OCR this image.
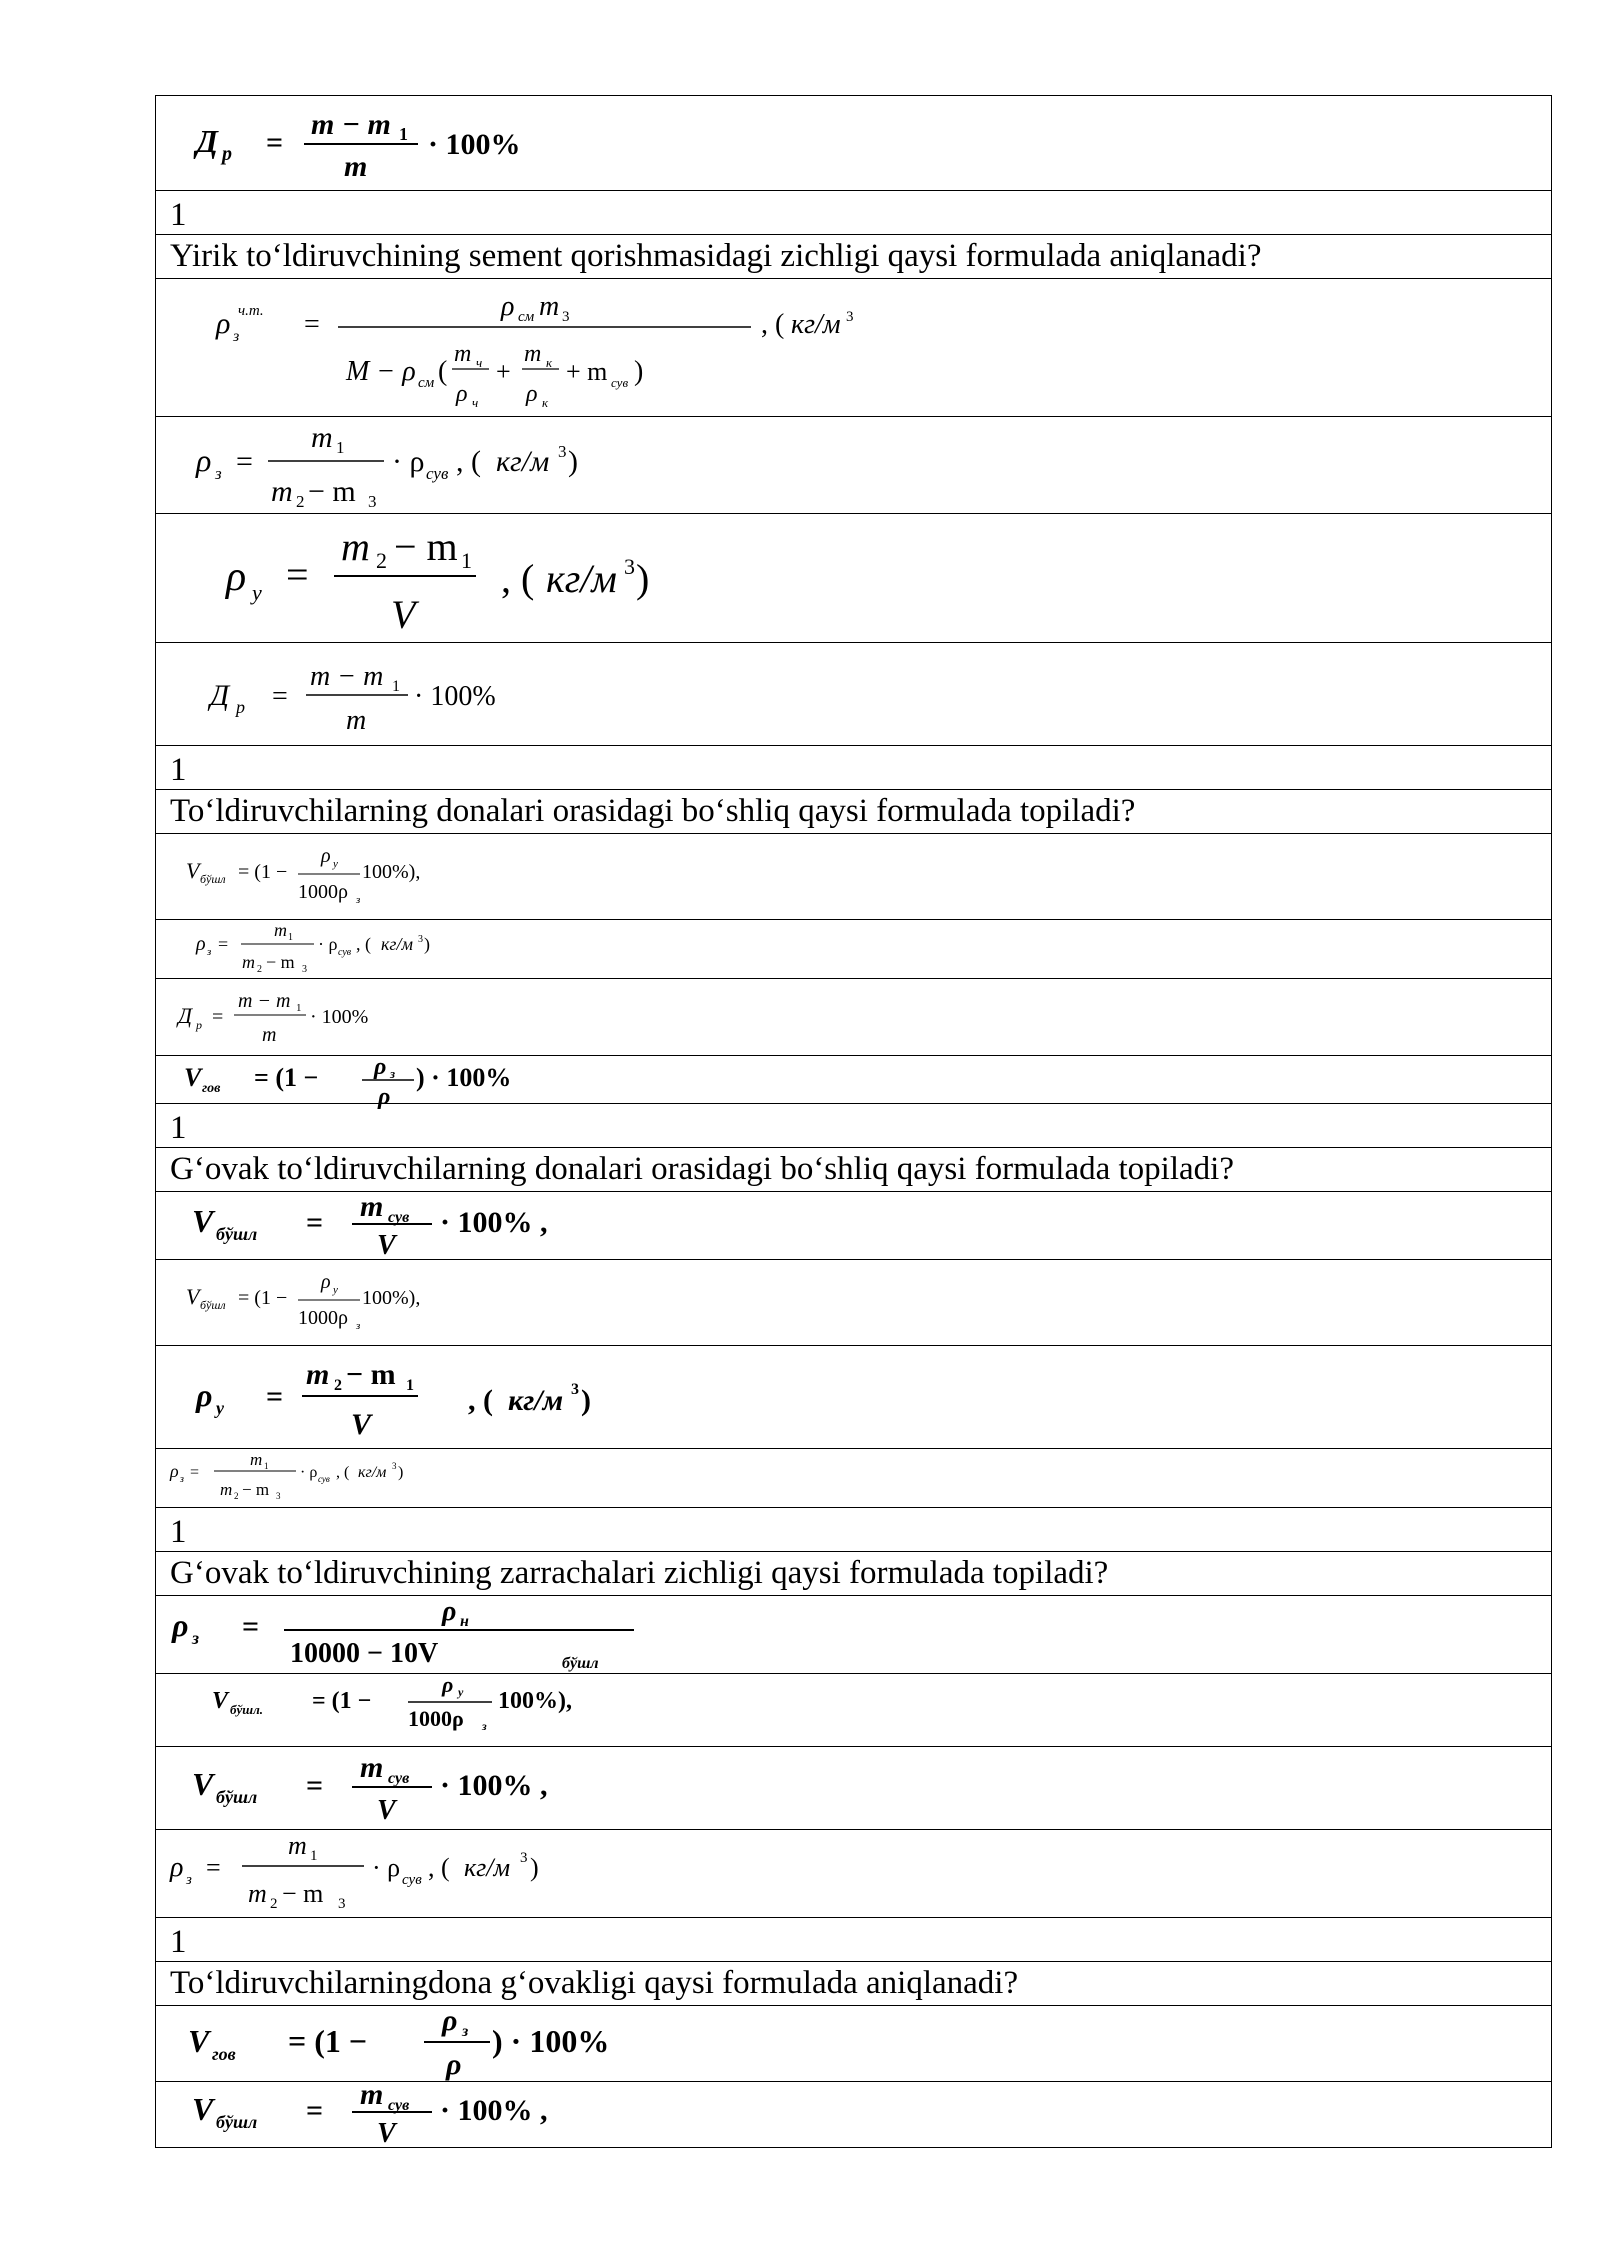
Д р =
m − m 1
m
· 100%
1
Yirik to‘ldiruvchining sement qorishmasidagi zichligi qaysi formulada aniqlanadi?
ρ з
ч.т. =
ρ см m 3
M − ρ см (
m ч
ρ ч
+
m к
ρ к
+ m сув )
, ( кг/м 3
ρ з =
m 1
m 2 − m 3
· ρ сув , ( кг/м 3 )
ρ у =
m 2 − m 1
V
, ( кг/м 3 )
Д р =
m − m 1
m
· 100%
1
To‘ldiruvchilarning donalari orasidagi bo‘shliq qaysi formulada topiladi?
V бўшл = (1 −
ρ у
1000ρ з
100%),
ρ з =
m 1
m 2 − m 3
· ρ сув , ( кг/м 3 )
Д р =
m − m 1
m
· 100%
V гов = (1 − ρ з
ρ
) · 100%
1
G‘ovak to‘ldiruvchilarning donalari orasidagi bo‘shliq qaysi formulada topiladi?
V бўшл = m сув
V
· 100% ,
V бўшл = (1 −
ρ у
1000ρ з
100%),
ρ у =
m 2 − m 1
V
, ( кг/м 3 )
ρ з =
m 1
m 2 − m 3
· ρ сув , ( кг/м 3 )
1
G‘ovak to‘ldiruvchining zarrachalari zichligi qaysi formulada topiladi?
ρ з =	ρ н
10000 − 10V	бўшл
V бўшл. = (1 −
ρ у
1000ρ з
100%),
V бўшл =
m сув
V
· 100% ,
ρ з =
m 1
m 2 − m 3
· ρ сув , ( кг/м 3 )
1
To‘ldiruvchilarningdona g‘ovakligi qaysi formulada aniqlanadi?
V гов = (1 −
ρ з
ρ
) · 100%
V бўшл = m сув
V
· 100% ,
